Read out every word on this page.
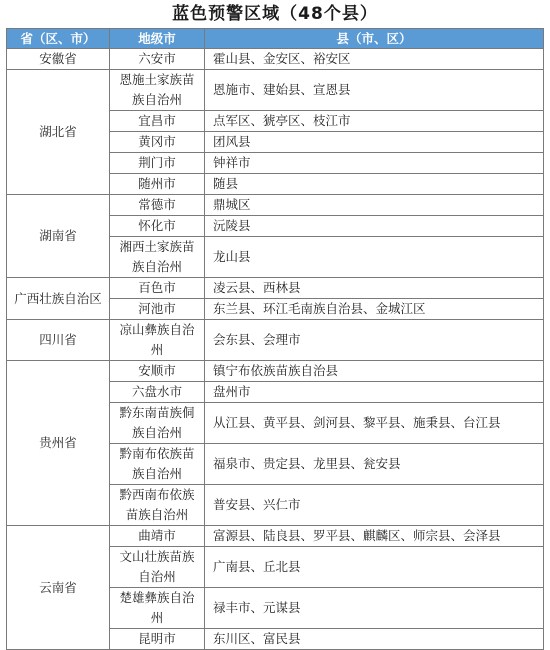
蓝色预警区域（48个县）
省（区、市）	地级市	县（市、区）
安徽省	六安市	霍山县、金安区、裕安区
湖北省	恩施土家族苗族自治州	恩施市、建始县、宣恩县
	宜昌市	点军区、猇亭区、枝江市
	黄冈市	团风县
	荆门市	钟祥市
	随州市	随县
湖南省	常德市	鼎城区
	怀化市	沅陵县
	湘西土家族苗族自治州	龙山县
广西壮族自治区	百色市	凌云县、西林县
	河池市	东兰县、环江毛南族自治县、金城江区
四川省	凉山彝族自治州	会东县、会理市
贵州省	安顺市	镇宁布依族苗族自治县
	六盘水市	盘州市
	黔东南苗族侗族自治州	从江县、黄平县、剑河县、黎平县、施秉县、台江县
	黔南布依族苗族自治州	福泉市、贵定县、龙里县、瓮安县
	黔西南布依族苗族自治州	普安县、兴仁市
云南省	曲靖市	富源县、陆良县、罗平县、麒麟区、师宗县、会泽县
	文山壮族苗族自治州	广南县、丘北县
	楚雄彝族自治州	禄丰市、元谋县
	昆明市	东川区、富民县
